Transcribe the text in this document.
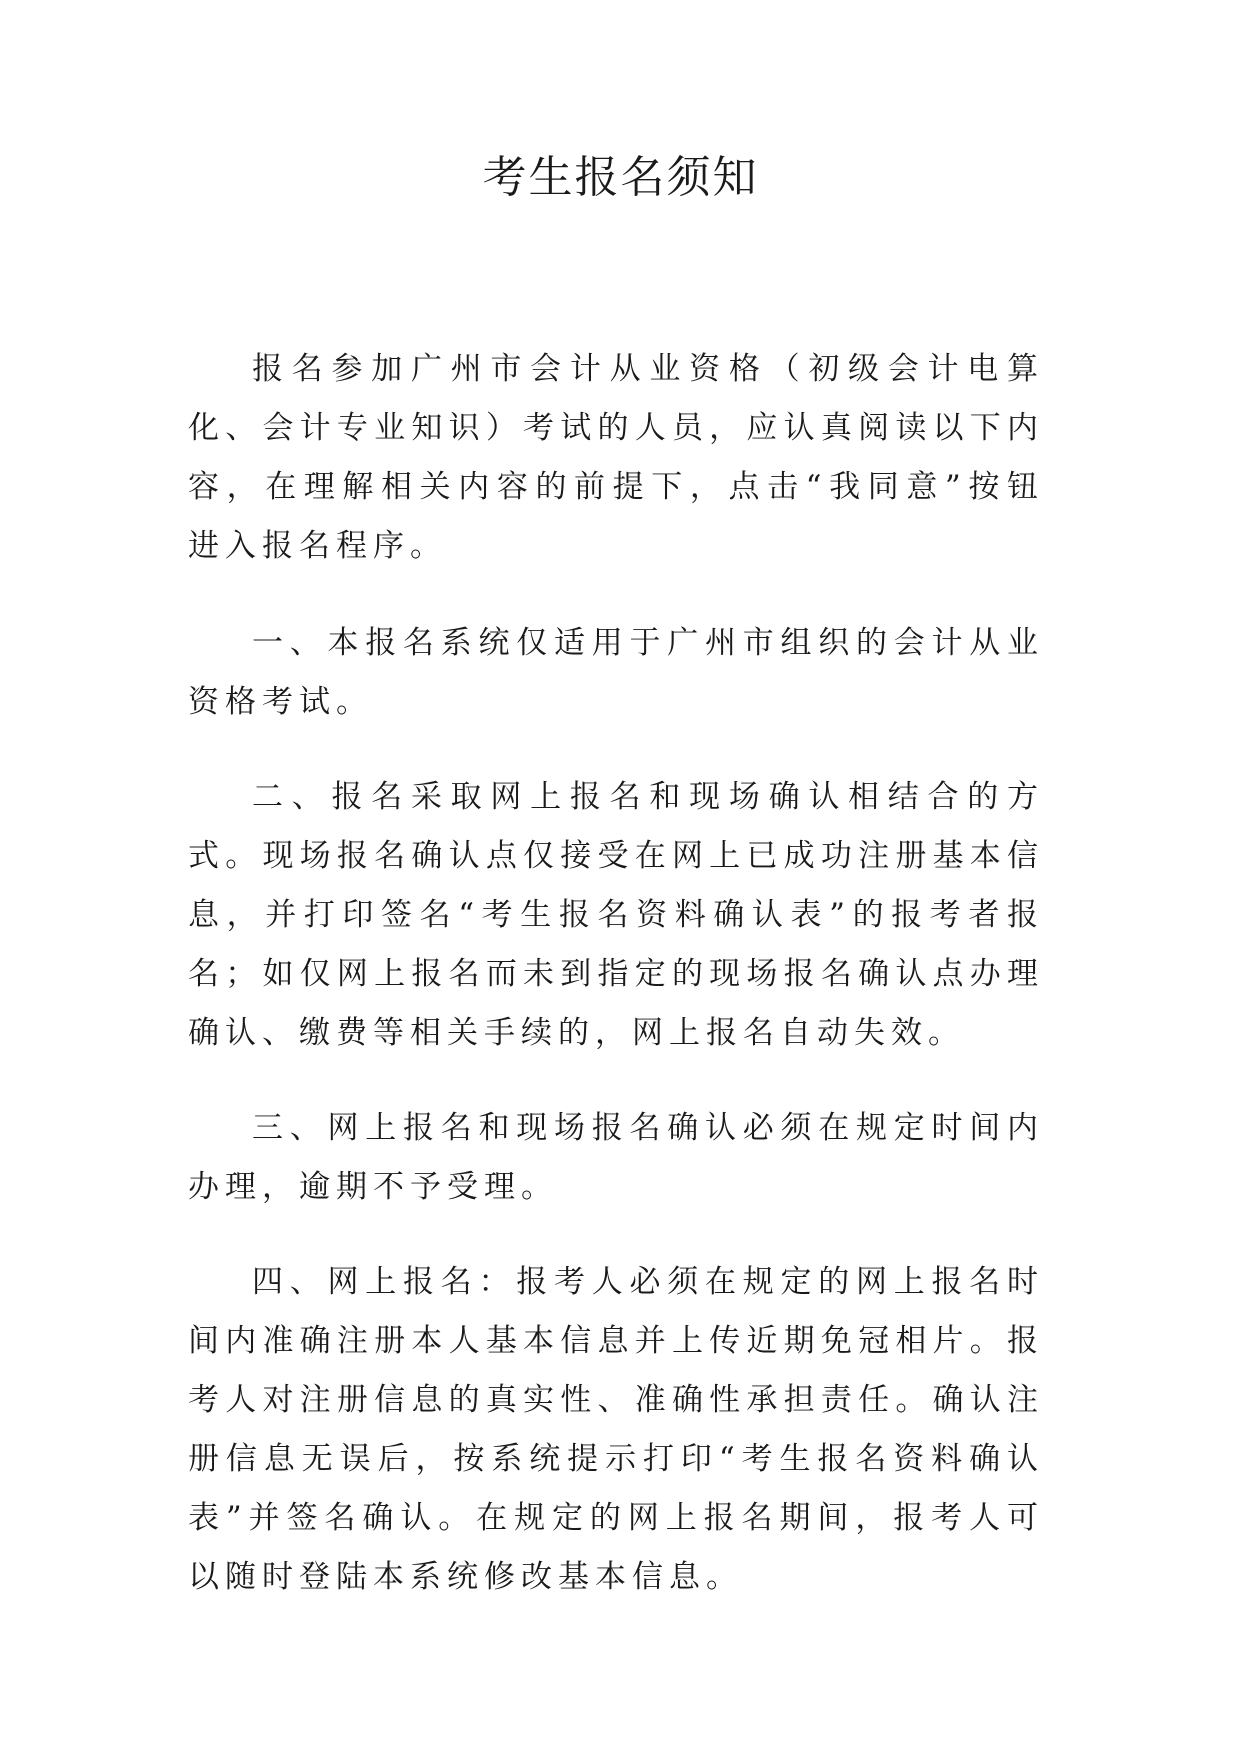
考生报名须知

报名参加广州市会计从业资格（初级会计电算化、会计专业知识）考试的人员，应认真阅读以下内容，在理解相关内容的前提下，点击“我同意”按钮进入报名程序。

一、本报名系统仅适用于广州市组织的会计从业资格考试。

二、报名采取网上报名和现场确认相结合的方式。现场报名确认点仅接受在网上已成功注册基本信息，并打印签名“考生报名资料确认表”的报考者报名；如仅网上报名而未到指定的现场报名确认点办理确认、缴费等相关手续的，网上报名自动失效。

三、网上报名和现场报名确认必须在规定时间内办理，逾期不予受理。

四、网上报名：报考人必须在规定的网上报名时间内准确注册本人基本信息并上传近期免冠相片。报考人对注册信息的真实性、准确性承担责任。确认注册信息无误后，按系统提示打印“考生报名资料确认表”并签名确认。在规定的网上报名期间，报考人可以随时登陆本系统修改基本信息。
